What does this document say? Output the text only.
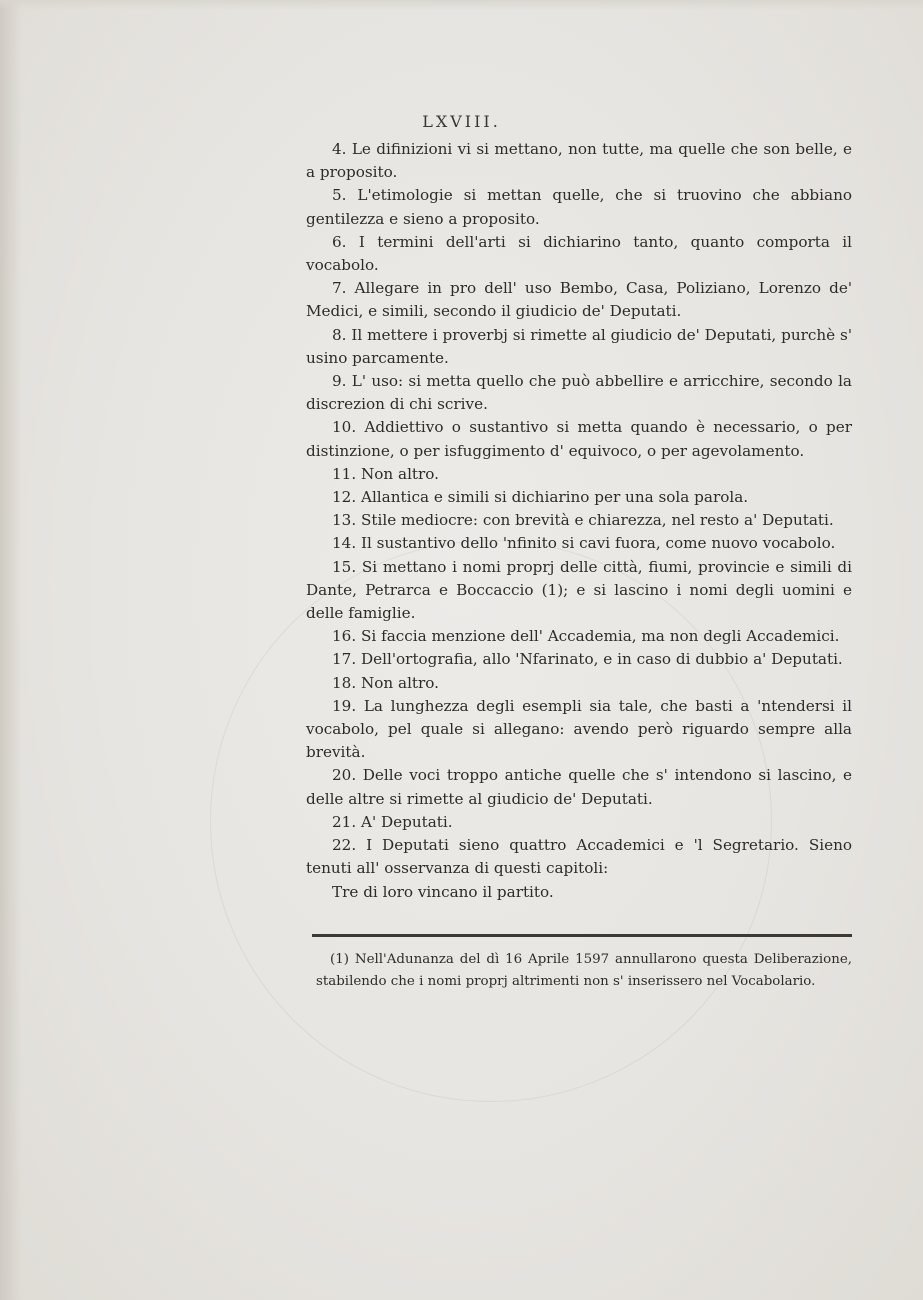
LXVIII.

4. Le difinizioni vi si mettano, non tutte, ma quelle che son belle, e a proposito.

5. L'etimologie si mettan quelle, che si truovino che abbiano gentilezza e sieno a proposito.

6. I termini dell'arti si dichiarino tanto, quanto comporta il vocabolo.

7. Allegare in pro dell' uso Bembo, Casa, Poliziano, Lorenzo de' Medici, e simili, secondo il giudicio de' Deputati.

8. Il mettere i proverbj si rimette al giudicio de' Deputati, purchè s' usino parcamente.

9. L' uso: si metta quello che può abbellire e arricchire, secondo la discrezion di chi scrive.

10. Addiettivo o sustantivo si metta quando è necessario, o per distinzione, o per isfuggimento d' equivoco, o per agevolamento.

11. Non altro.

12. Allantica e simili si dichiarino per una sola parola.

13. Stile mediocre: con brevità e chiarezza, nel resto a' Deputati.

14. Il sustantivo dello 'nfinito si cavi fuora, come nuovo vocabolo.

15. Si mettano i nomi proprj delle città, fiumi, provincie e simili di Dante, Petrarca e Boccaccio (1); e si lascino i nomi degli uomini e delle famiglie.

16. Si faccia menzione dell' Accademia, ma non degli Accademici.

17. Dell'ortografia, allo 'Nfarinato, e in caso di dubbio a' Deputati.

18. Non altro.

19. La lunghezza degli esempli sia tale, che basti a 'ntendersi il vocabolo, pel quale si allegano: avendo però riguardo sempre alla brevità.

20. Delle voci troppo antiche quelle che s' intendono si lascino, e delle altre si rimette al giudicio de' Deputati.

21. A' Deputati.

22. I Deputati sieno quattro Accademici e 'l Segretario. Sieno tenuti all' osservanza di questi capitoli:

Tre di loro vincano il partito.

(1) Nell'Adunanza del dì 16 Aprile 1597 annullarono questa Deliberazione, stabilendo che i nomi proprj altrimenti non s' inserissero nel Vocabolario.
